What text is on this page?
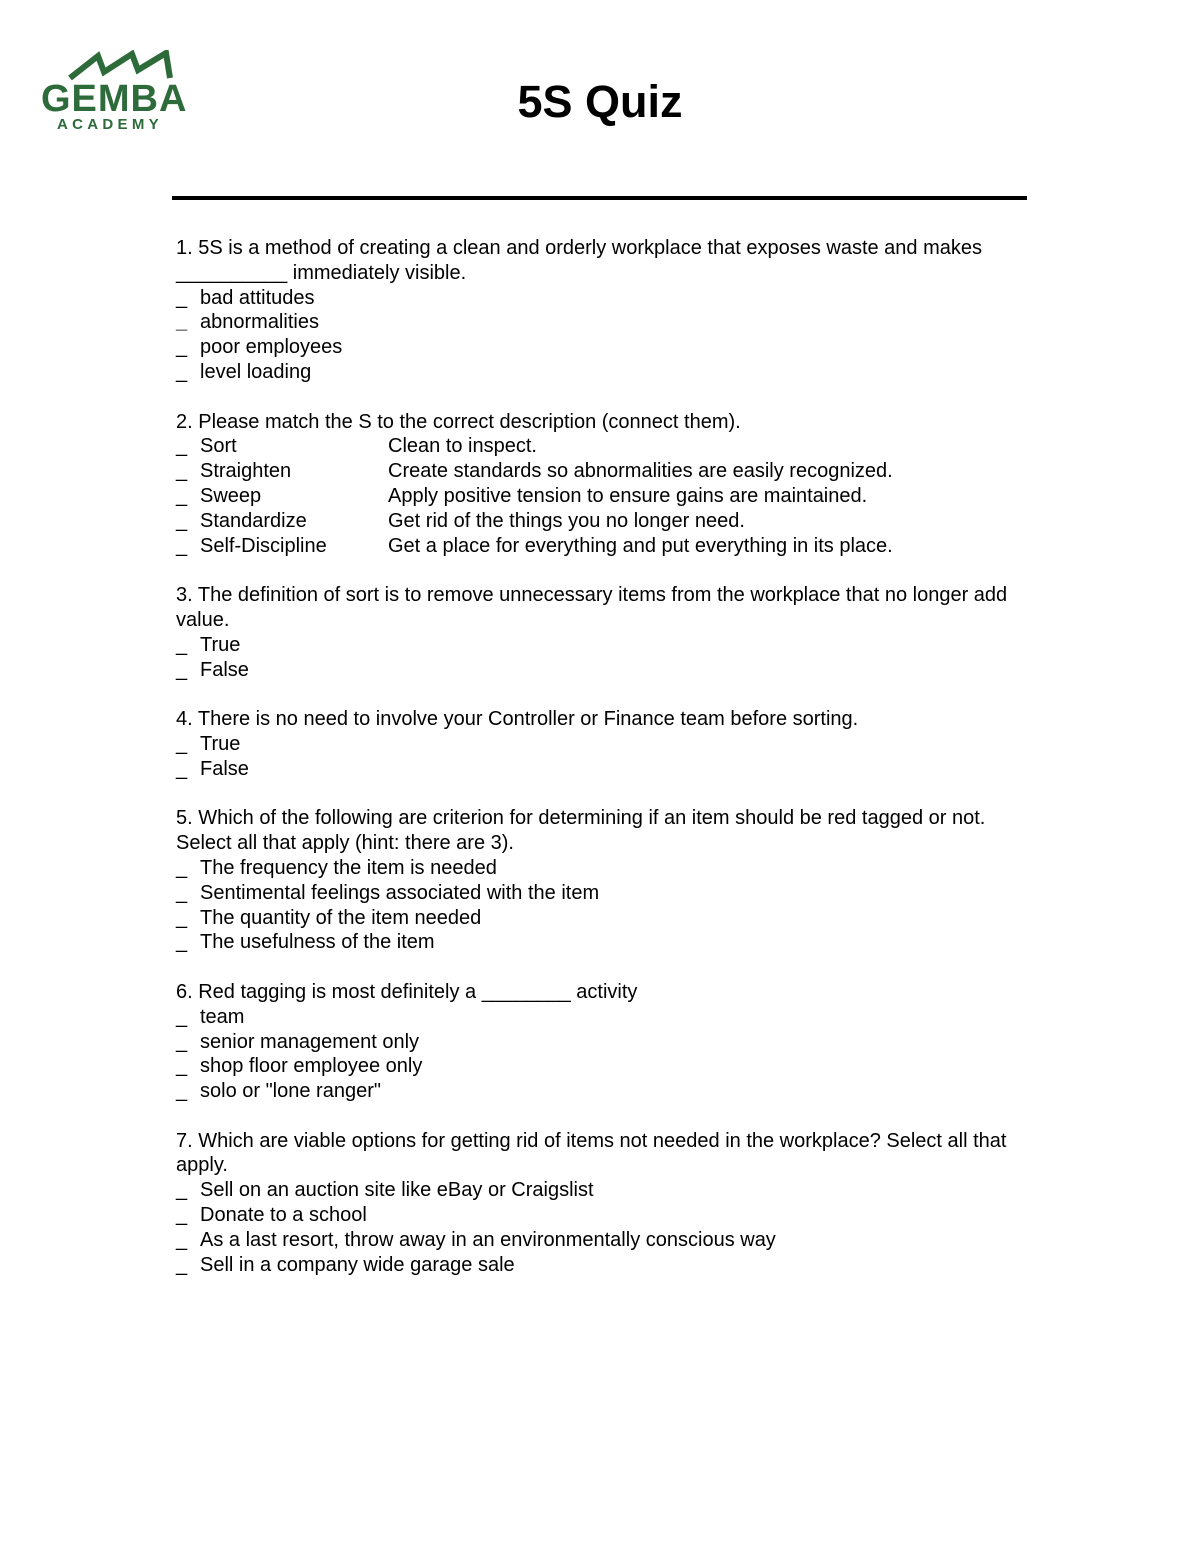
GEMBA
ACADEMY	5S Quiz
1. 5S is a method of creating a clean and orderly workplace that exposes waste and makes __________ immediately visible.
_ bad attitudes
_ abnormalities
_ poor employees
_ level loading
2. Please match the S to the correct description (connect them).
_ Sort	Clean to inspect.
_ Straighten	Create standards so abnormalities are easily recognized.
_ Sweep	Apply positive tension to ensure gains are maintained.
_ Standardize	Get rid of the things you no longer need.
_ Self-Discipline	Get a place for everything and put everything in its place.
3. The definition of sort is to remove unnecessary items from the workplace that no longer add value.
_ True
_ False
4. There is no need to involve your Controller or Finance team before sorting.
_ True
_ False
5. Which of the following are criterion for determining if an item should be red tagged or not. Select all that apply (hint: there are 3).
_ The frequency the item is needed
_ Sentimental feelings associated with the item
_ The quantity of the item needed
_ The usefulness of the item
6. Red tagging is most definitely a ________ activity
_ team
_ senior management only
_ shop floor employee only
_ solo or "lone ranger"
7. Which are viable options for getting rid of items not needed in the workplace? Select all that apply.
_ Sell on an auction site like eBay or Craigslist
_ Donate to a school
_ As a last resort, throw away in an environmentally conscious way
_ Sell in a company wide garage sale
